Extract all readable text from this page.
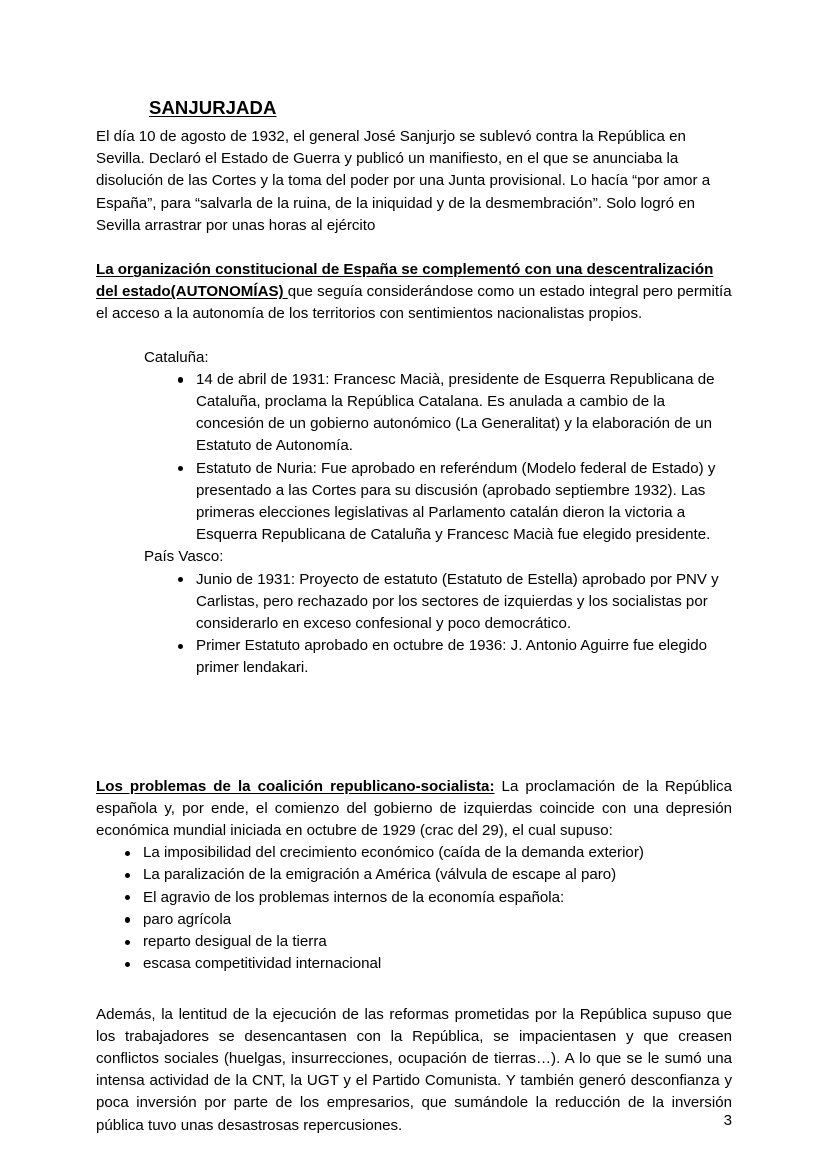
SANJURJADA

El día 10 de agosto de 1932, el general José Sanjurjo se sublevó contra la República en Sevilla. Declaró el Estado de Guerra y publicó un manifiesto, en el que se anunciaba la disolución de las Cortes y la toma del poder por una Junta provisional. Lo hacía “por amor a España”, para “salvarla de la ruina, de la iniquidad y de la desmembración”. Solo logró en Sevilla arrastrar por unas horas al ejército

La organización constitucional de España se complementó con una descentralización del estado(AUTONOMÍAS) que seguía considerándose como un estado integral pero permitía el acceso a la autonomía de los territorios con sentimientos nacionalistas propios.

Cataluña:

14 de abril de 1931: Francesc Macià, presidente de Esquerra Republicana de Cataluña, proclama la República Catalana. Es anulada a cambio de la concesión de un gobierno autonómico (La Generalitat) y la elaboración de un Estatuto de Autonomía.
Estatuto de Nuria: Fue aprobado en referéndum (Modelo federal de Estado) y presentado a las Cortes para su discusión (aprobado septiembre 1932). Las primeras elecciones legislativas al Parlamento catalán dieron la victoria a Esquerra Republicana de Cataluña y Francesc Macià fue elegido presidente.

País Vasco:

Junio de 1931: Proyecto de estatuto (Estatuto de Estella) aprobado por PNV y Carlistas, pero rechazado por los sectores de izquierdas y los socialistas por considerarlo en exceso confesional y poco democrático.
Primer Estatuto aprobado en octubre de 1936: J. Antonio Aguirre fue elegido primer lendakari.

Los problemas de la coalición republicano-socialista: La proclamación de la República española y, por ende, el comienzo del gobierno de izquierdas coincide con una depresión económica mundial iniciada en octubre de 1929 (crac del 29), el cual supuso:

La imposibilidad del crecimiento económico (caída de la demanda exterior)
La paralización de la emigración a América (válvula de escape al paro)
El agravio de los problemas internos de la economía española:
paro agrícola
reparto desigual de la tierra
escasa competitividad internacional

Además, la lentitud de la ejecución de las reformas prometidas por la República supuso que los trabajadores se desencantasen con la República, se impacientasen y que creasen conflictos sociales (huelgas, insurrecciones, ocupación de tierras…). A lo que se le sumó una intensa actividad de la CNT, la UGT y el Partido Comunista. Y también generó desconfianza y poca inversión por parte de los empresarios, que sumándole la reducción de la inversión pública tuvo unas desastrosas repercusiones.	3
